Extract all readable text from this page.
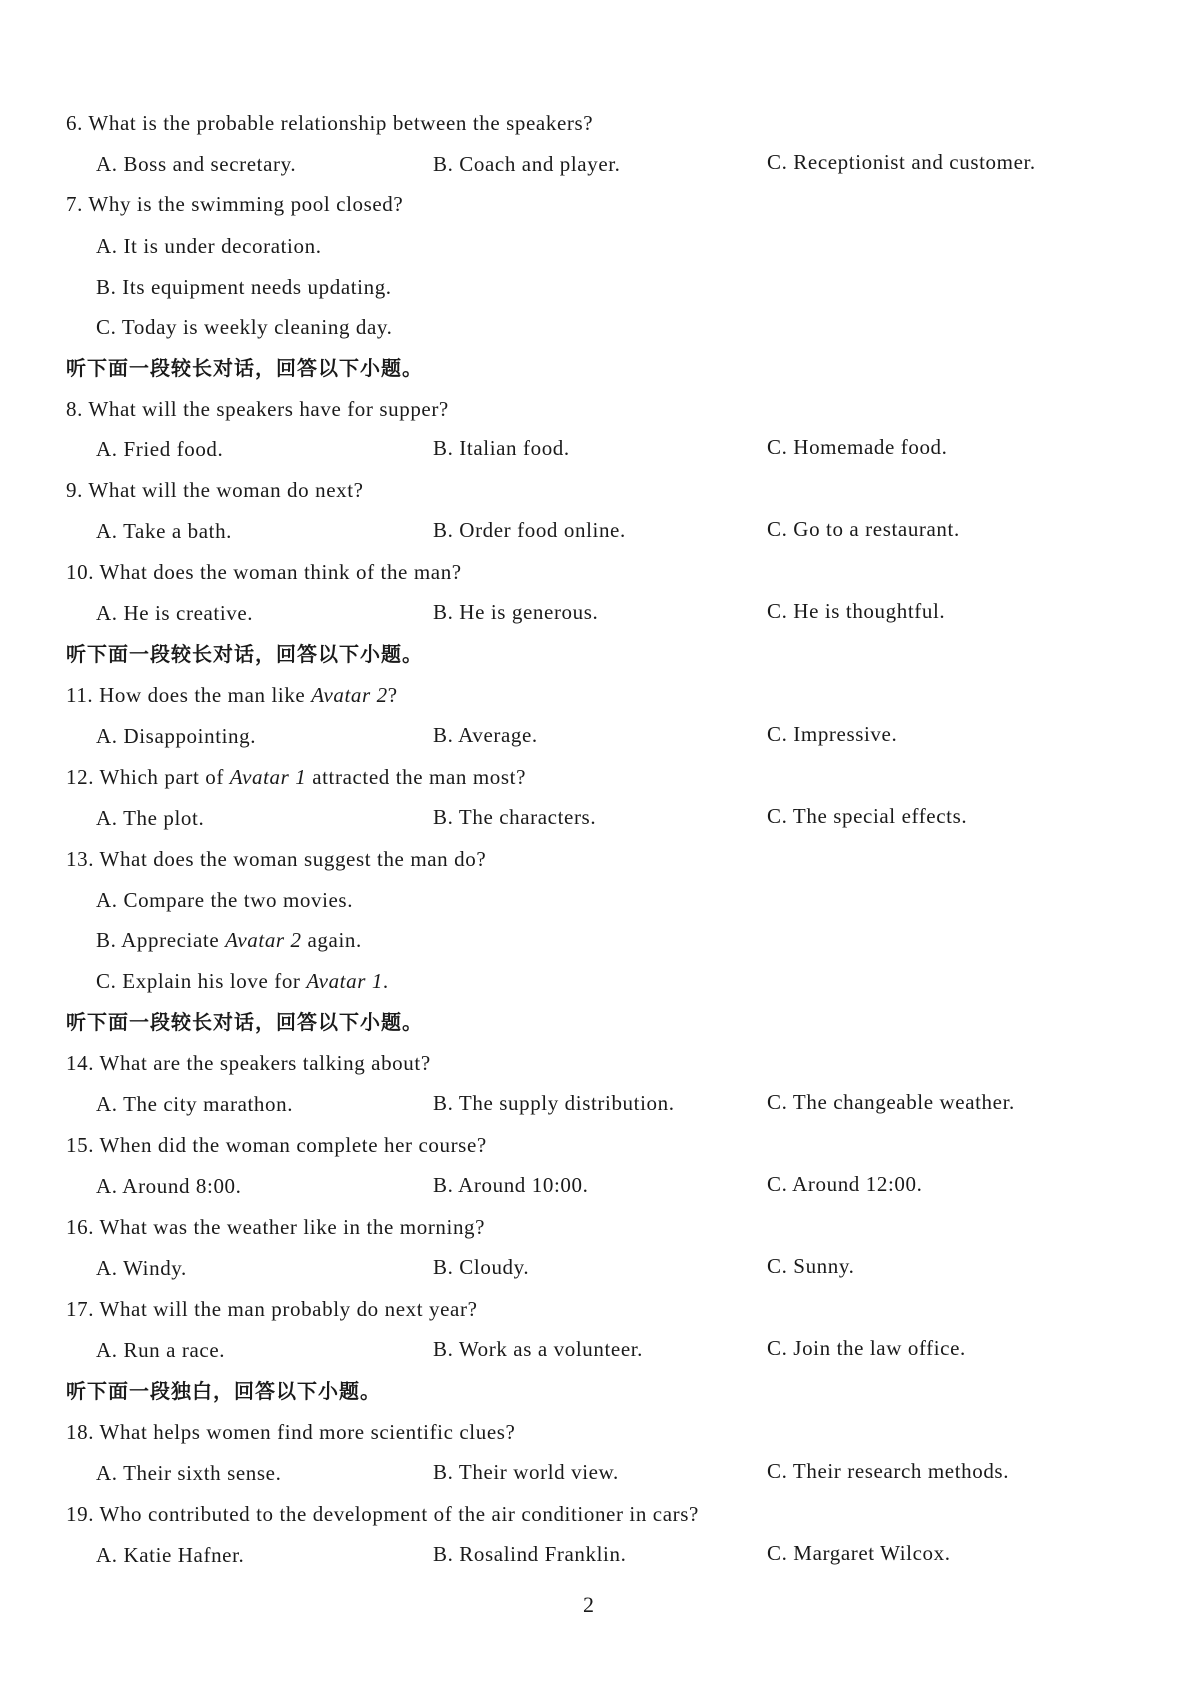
6. What is the probable relationship between the speakers?
A. Boss and secretary.	B. Coach and player.	C. Receptionist and customer.
7. Why is the swimming pool closed?
A. It is under decoration.
B. Its equipment needs updating.
C. Today is weekly cleaning day.
听下面一段较长对话，回答以下小题。
8. What will the speakers have for supper?
A. Fried food.	B. Italian food.	C. Homemade food.
9. What will the woman do next?
A. Take a bath.	B. Order food online.	C. Go to a restaurant.
10. What does the woman think of the man?
A. He is creative.	B. He is generous.	C. He is thoughtful.
听下面一段较长对话，回答以下小题。
11. How does the man like Avatar 2?
A. Disappointing.	B. Average.	C. Impressive.
12. Which part of Avatar 1 attracted the man most?
A. The plot.	B. The characters.	C. The special effects.
13. What does the woman suggest the man do?
A. Compare the two movies.
B. Appreciate Avatar 2 again.
C. Explain his love for Avatar 1.
听下面一段较长对话，回答以下小题。
14. What are the speakers talking about?
A. The city marathon.	B. The supply distribution.	C. The changeable weather.
15. When did the woman complete her course?
A. Around 8:00.	B. Around 10:00.	C. Around 12:00.
16. What was the weather like in the morning?
A. Windy.	B. Cloudy.	C. Sunny.
17. What will the man probably do next year?
A. Run a race.	B. Work as a volunteer.	C. Join the law office.
听下面一段独白，回答以下小题。
18. What helps women find more scientific clues?
A. Their sixth sense.	B. Their world view.	C. Their research methods.
19. Who contributed to the development of the air conditioner in cars?
A. Katie Hafner.	B. Rosalind Franklin.	C. Margaret Wilcox.
2
